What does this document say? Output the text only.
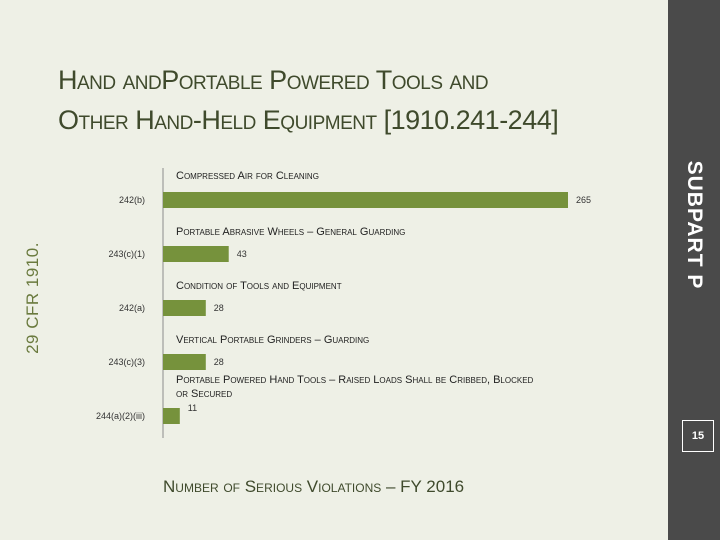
Hand andPortable Powered Tools and
Other Hand-Held Equipment [1910.241-244]
SUBPART P
29 CFR 1910.
Compressed Air for Cleaning
242(b)	265
Portable Abrasive Wheels – General Guarding
243(c)(1)	43
Condition of Tools and Equipment
242(a)	28
Vertical Portable Grinders – Guarding
243(c)(3)	28
Portable Powered Hand Tools – Raised Loads Shall be Cribbed, Blocked
or Secured
244(a)(2)(iii)
11
15
Number of Serious Violations – FY 2016
